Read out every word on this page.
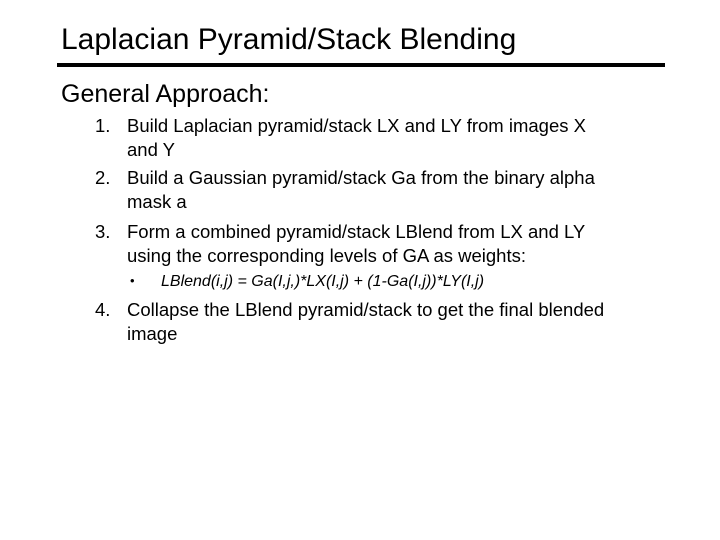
Laplacian Pyramid/Stack Blending
General Approach:
1. Build Laplacian pyramid/stack LX and LY from images X
and Y
2. Build a Gaussian pyramid/stack Ga from the binary alpha
mask a
3. Form a combined pyramid/stack LBlend from LX and LY
using the corresponding levels of GA as weights:
• LBlend(i,j) = Ga(I,j,)*LX(I,j) + (1-Ga(I,j))*LY(I,j)
4. Collapse the LBlend pyramid/stack to get the final blended
image
